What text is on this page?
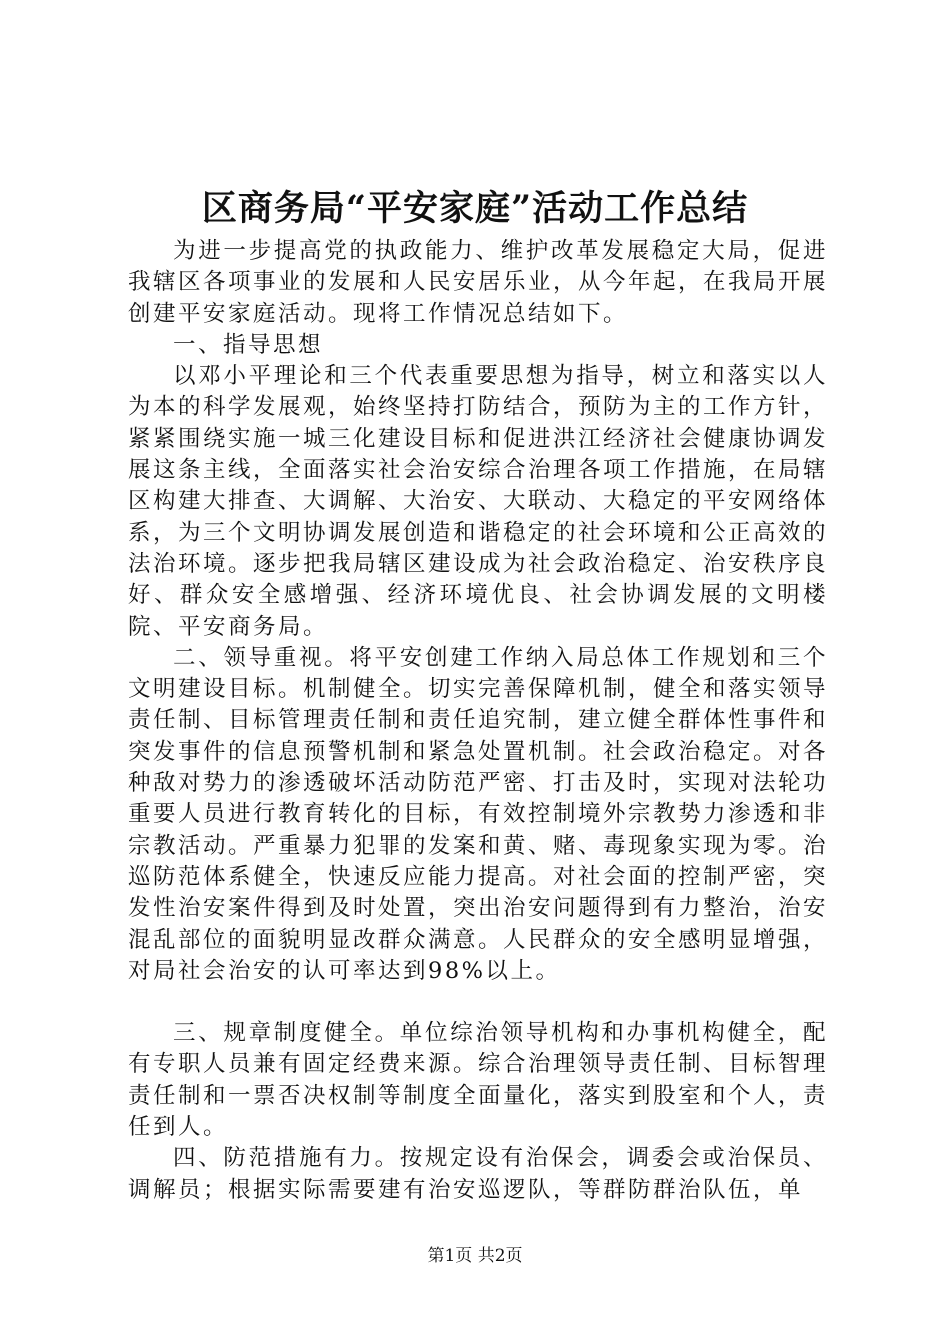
区商务局“平安家庭”活动工作总结

为进一步提高党的执政能力、维护改革发展稳定大局，促进我辖区各项事业的发展和人民安居乐业，从今年起，在我局开展创建平安家庭活动。现将工作情况总结如下。

一、指导思想

以邓小平理论和三个代表重要思想为指导，树立和落实以人为本的科学发展观，始终坚持打防结合，预防为主的工作方针，紧紧围绕实施一城三化建设目标和促进洪江经济社会健康协调发展这条主线，全面落实社会治安综合治理各项工作措施，在局辖区构建大排查、大调解、大治安、大联动、大稳定的平安网络体系，为三个文明协调发展创造和谐稳定的社会环境和公正高效的法治环境。逐步把我局辖区建设成为社会政治稳定、治安秩序良好、群众安全感增强、经济环境优良、社会协调发展的文明楼院、平安商务局。

二、领导重视。将平安创建工作纳入局总体工作规划和三个文明建设目标。机制健全。切实完善保障机制，健全和落实领导责任制、目标管理责任制和责任追究制，建立健全群体性事件和突发事件的信息预警机制和紧急处置机制。社会政治稳定。对各种敌对势力的渗透破坏活动防范严密、打击及时，实现对法轮功重要人员进行教育转化的目标，有效控制境外宗教势力渗透和非宗教活动。严重暴力犯罪的发案和黄、赌、毒现象实现为零。治巡防范体系健全，快速反应能力提高。对社会面的控制严密，突发性治安案件得到及时处置，突出治安问题得到有力整治，治安混乱部位的面貌明显改群众满意。人民群众的安全感明显增强，对局社会治安的认可率达到98%以上。

三、规章制度健全。单位综治领导机构和办事机构健全，配有专职人员兼有固定经费来源。综合治理领导责任制、目标智理责任制和一票否决权制等制度全面量化，落实到股室和个人，责任到人。

四、防范措施有力。按规定设有治保会，调委会或治保员、调解员；根据实际需要建有治安巡逻队，等群防群治队伍，单

第1页 共2页
